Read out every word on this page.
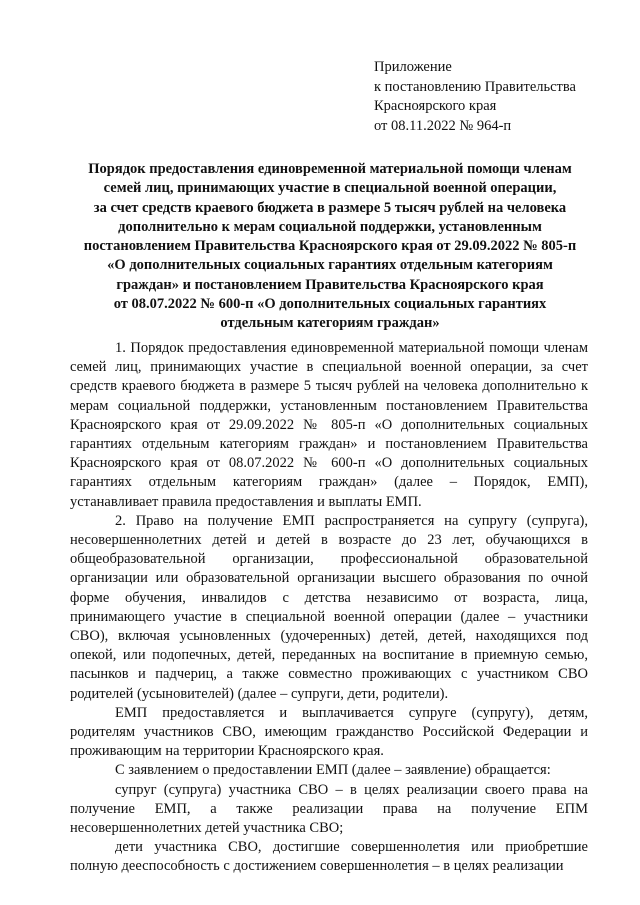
Приложение
к постановлению Правительства
Красноярского края
от 08.11.2022 № 964-п
Порядок предоставления единовременной материальной помощи членам
семей лиц, принимающих участие в специальной военной операции,
за счет средств краевого бюджета в размере 5 тысяч рублей на человека
дополнительно к мерам социальной поддержки, установленным
постановлением Правительства Красноярского края от 29.09.2022 № 805-п
«О дополнительных социальных гарантиях отдельным категориям
граждан» и постановлением Правительства Красноярского края
от 08.07.2022 № 600-п «О дополнительных социальных гарантиях
отдельным категориям граждан»

1. Порядок предоставления единовременной материальной помощи членам семей лиц, принимающих участие в специальной военной операции, за счет средств краевого бюджета в размере 5 тысяч рублей на человека дополнительно к мерам социальной поддержки, установленным постановлением Правительства Красноярского края от 29.09.2022 № 805-п «О дополнительных социальных гарантиях отдельным категориям граждан» и постановлением Правительства Красноярского края от 08.07.2022 № 600-п «О дополнительных социальных гарантиях отдельным категориям граждан» (далее – Порядок, ЕМП), устанавливает правила предоставления и выплаты ЕМП.

2. Право на получение ЕМП распространяется на супругу (супруга), несовершеннолетних детей и детей в возрасте до 23 лет, обучающихся в общеобразовательной организации, профессиональной образовательной организации или образовательной организации высшего образования по очной форме обучения, инвалидов с детства независимо от возраста, лица, принимающего участие в специальной военной операции (далее – участники СВО), включая усыновленных (удочеренных) детей, детей, находящихся под опекой, или подопечных, детей, переданных на воспитание в приемную семью, пасынков и падчериц, а также совместно проживающих с участником СВО родителей (усыновителей) (далее – супруги, дети, родители).

ЕМП предоставляется и выплачивается супруге (супругу), детям, родителям участников СВО, имеющим гражданство Российской Федерации и проживающим на территории Красноярского края.

С заявлением о предоставлении ЕМП (далее – заявление) обращается:

супруг (супруга) участника СВО – в целях реализации своего права на получение ЕМП, а также реализации права на получение ЕПМ несовершеннолетних детей участника СВО;

дети участника СВО, достигшие совершеннолетия или приобретшие полную дееспособность с достижением совершеннолетия – в целях реализации
